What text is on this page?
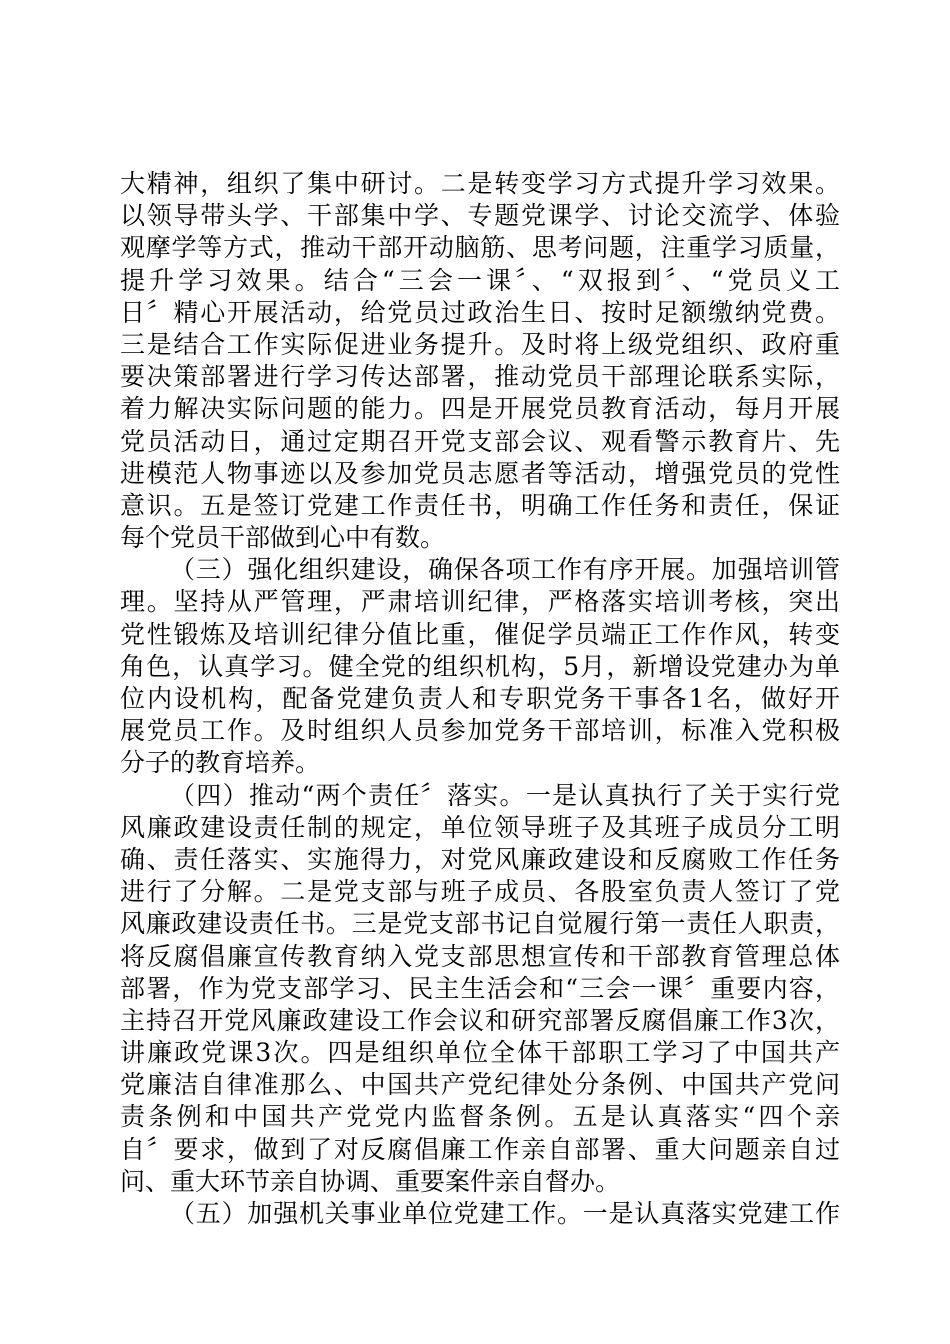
大精神，组织了集中研讨。二是转变学习方式提升学习效果。
以领导带头学、干部集中学、专题党课学、讨论交流学、体验
观摩学等方式，推动干部开动脑筋、思考问题，注重学习质量，
提升学习效果。结合“三会一课〞、“双报到〞、“党员义工
日〞精心开展活动，给党员过政治生日、按时足额缴纳党费。
三是结合工作实际促进业务提升。及时将上级党组织、政府重
要决策部署进行学习传达部署，推动党员干部理论联系实际，
着力解决实际问题的能力。四是开展党员教育活动，每月开展
党员活动日，通过定期召开党支部会议、观看警示教育片、先
进模范人物事迹以及参加党员志愿者等活动，增强党员的党性
意识。五是签订党建工作责任书，明确工作任务和责任，保证
每个党员干部做到心中有数。
（三）强化组织建设，确保各项工作有序开展。加强培训管
理。坚持从严管理，严肃培训纪律，严格落实培训考核，突出
党性锻炼及培训纪律分值比重，催促学员端正工作作风，转变
角色，认真学习。健全党的组织机构，5月，新增设党建办为单
位内设机构，配备党建负责人和专职党务干事各1名，做好开
展党员工作。及时组织人员参加党务干部培训，标准入党积极
分子的教育培养。
（四）推动“两个责任〞落实。一是认真执行了关于实行党
风廉政建设责任制的规定，单位领导班子及其班子成员分工明
确、责任落实、实施得力，对党风廉政建设和反腐败工作任务
进行了分解。二是党支部与班子成员、各股室负责人签订了党
风廉政建设责任书。三是党支部书记自觉履行第一责任人职责，
将反腐倡廉宣传教育纳入党支部思想宣传和干部教育管理总体
部署，作为党支部学习、民主生活会和“三会一课〞重要内容，
主持召开党风廉政建设工作会议和研究部署反腐倡廉工作3次，
讲廉政党课3次。四是组织单位全体干部职工学习了中国共产
党廉洁自律准那么、中国共产党纪律处分条例、中国共产党问
责条例和中国共产党党内监督条例。五是认真落实“四个亲
自〞要求，做到了对反腐倡廉工作亲自部署、重大问题亲自过
问、重大环节亲自协调、重要案件亲自督办。
（五）加强机关事业单位党建工作。一是认真落实党建工作
